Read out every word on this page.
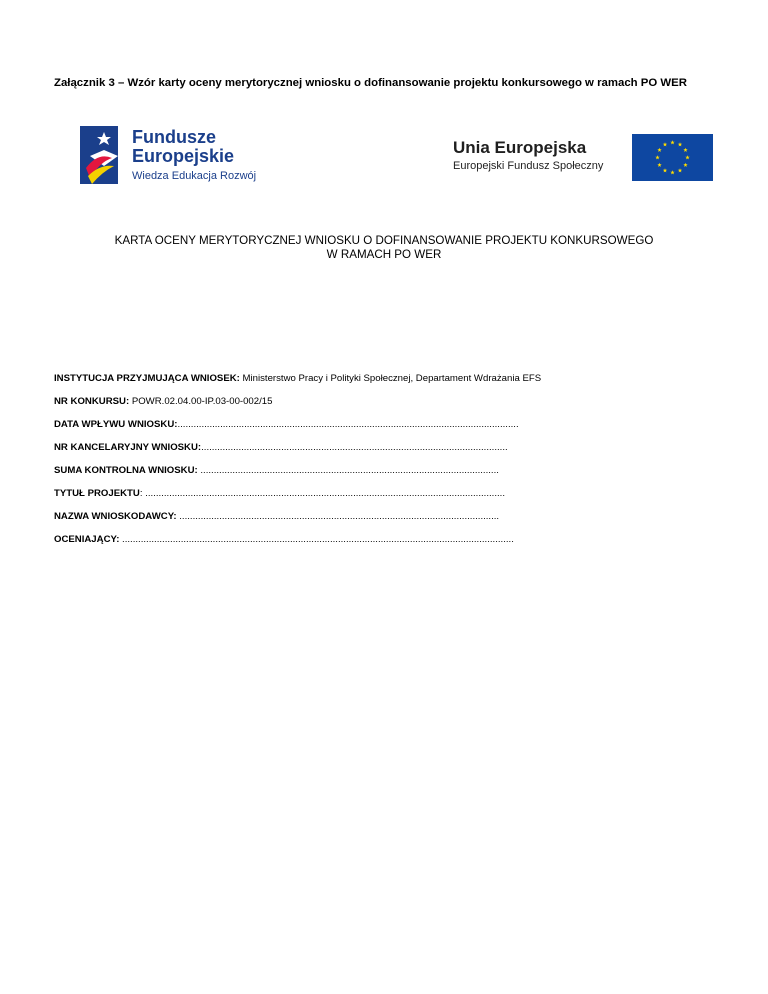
Załącznik 3 – Wzór karty oceny merytorycznej wniosku o dofinansowanie projektu konkursowego w ramach PO WER
Fundusze
Europejskie
Wiedza Edukacja Rozwój
Unia Europejska
Europejski Fundusz Społeczny
KARTA OCENY MERYTORYCZNEJ WNIOSKU O DOFINANSOWANIE PROJEKTU KONKURSOWEGO
W RAMACH PO WER
INSTYTUCJA PRZYJMUJĄCA WNIOSEK: Ministerstwo Pracy i Polityki Społecznej, Departament Wdrażania EFS
NR KONKURSU: POWR.02.04.00-IP.03-00-002/15
DATA WPŁYWU WNIOSKU:................................................................................................................................
NR KANCELARYJNY WNIOSKU:...................................................................................................................
SUMA KONTROLNA WNIOSKU: ................................................................................................................
TYTUŁ PROJEKTU: .......................................................................................................................................
NAZWA WNIOSKODAWCY: ........................................................................................................................
OCENIAJĄCY: ...................................................................................................................................................
